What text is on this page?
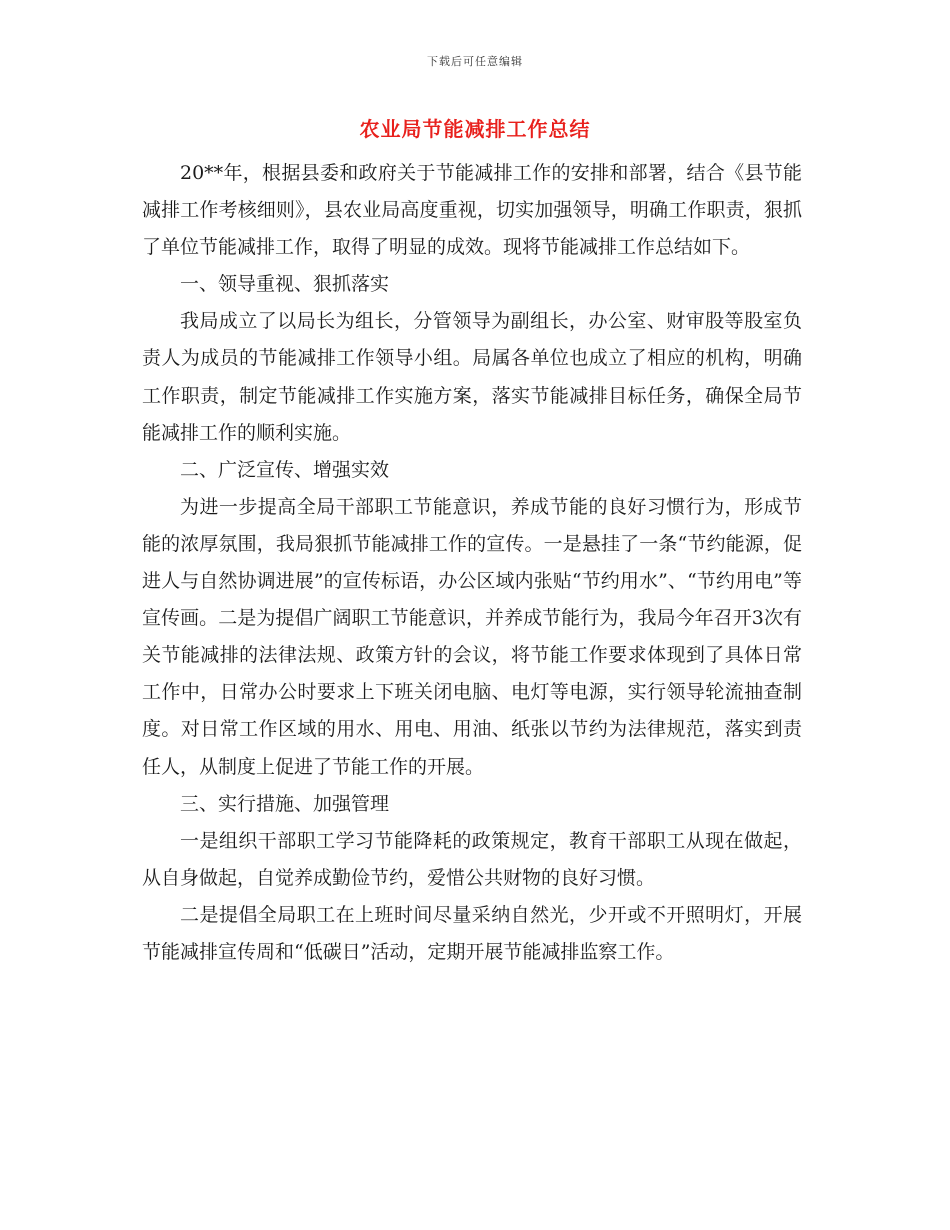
下载后可任意编辑
农业局节能减排工作总结

20**年，根据县委和政府关于节能减排工作的安排和部署，结合《县节能减排工作考核细则》，县农业局高度重视，切实加强领导，明确工作职责，狠抓了单位节能减排工作，取得了明显的成效。现将节能减排工作总结如下。

一、领导重视、狠抓落实

我局成立了以局长为组长，分管领导为副组长，办公室、财审股等股室负责人为成员的节能减排工作领导小组。局属各单位也成立了相应的机构，明确工作职责，制定节能减排工作实施方案，落实节能减排目标任务，确保全局节能减排工作的顺利实施。

二、广泛宣传、增强实效

为进一步提高全局干部职工节能意识，养成节能的良好习惯行为，形成节能的浓厚氛围，我局狠抓节能减排工作的宣传。一是悬挂了一条“节约能源，促进人与自然协调进展”的宣传标语，办公区域内张贴“节约用水”、“节约用电”等宣传画。二是为提倡广阔职工节能意识，并养成节能行为，我局今年召开3次有关节能减排的法律法规、政策方针的会议，将节能工作要求体现到了具体日常工作中，日常办公时要求上下班关闭电脑、电灯等电源，实行领导轮流抽查制度。对日常工作区域的用水、用电、用油、纸张以节约为法律规范，落实到责任人，从制度上促进了节能工作的开展。

三、实行措施、加强管理

一是组织干部职工学习节能降耗的政策规定，教育干部职工从现在做起，从自身做起，自觉养成勤俭节约，爱惜公共财物的良好习惯。

二是提倡全局职工在上班时间尽量采纳自然光，少开或不开照明灯，开展节能减排宣传周和“低碳日”活动，定期开展节能减排监察工作。
